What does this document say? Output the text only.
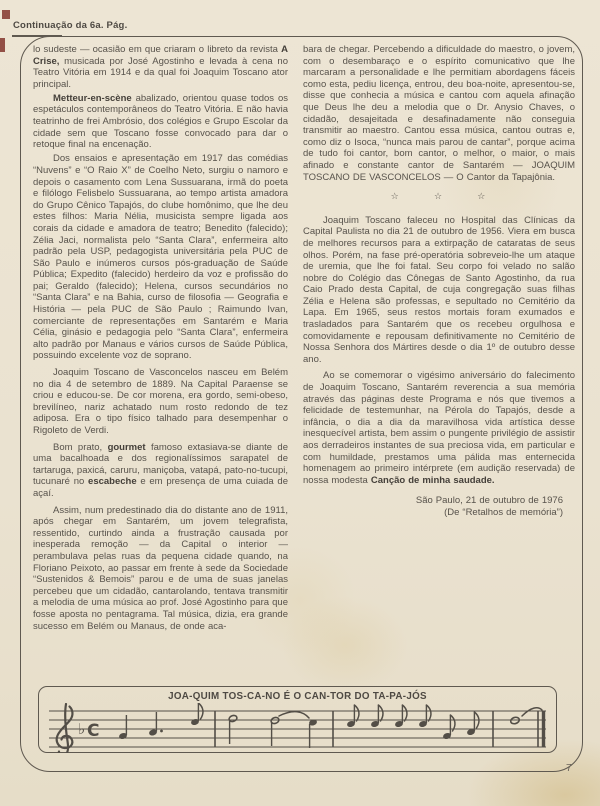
Continuação da 6a. Pág.

lo sudeste — ocasião em que criaram o libreto da revista A Crise, musicada por José Agostinho e levada à cena no Teatro Vitória em 1914 e da qual foi Joaquim Toscano ator principal.

Metteur-en-scène abalizado, orientou quase todos os espetáculos contemporâneos do Teatro Vitória. E não havia teatrinho de frei Ambrósio, dos colégios e Grupo Escolar da cidade sem que Toscano fosse convocado para dar o retoque final na encenação.

Dos ensaios e apresentação em 1917 das comédias “Nuvens” e “O Raio X” de Coelho Neto, surgiu o namoro e depois o casamento com Lena Sussuarana, irmã do poeta e filólogo Felisbelo Sussuarana, ao tempo artista amadora do Grupo Cênico Tapajós, do clube homônimo, que lhe deu estes filhos: Maria Nélia, musicista sempre ligada aos corais da cidade e amadora de teatro; Benedito (falecido); Zélia Jaci, normalista pelo “Santa Clara”, enfermeira alto padrão pela USP, pedagogista universitária pela PUC de São Paulo e inúmeros cursos pós-graduação de Saúde Pública; Expedito (falecido) herdeiro da voz e profissão do pai; Geraldo (falecido); Helena, cursos secundários no “Santa Clara” e na Bahia, curso de filosofia — Geografia e História — pela PUC de São Paulo ; Raimundo Ivan, comerciante de representações em Santarém e Maria Célia, ginásio e pedagogia pelo “Santa Clara”, enfermeira alto padrão por Manaus e vários cursos de Saúde Pública, possuindo excelente voz de soprano.

Joaquim Toscano de Vasconcelos nasceu em Belém no dia 4 de setembro de 1889. Na Capital Paraense se criou e educou-se. De cor morena, era gordo, semi-obeso, brevilíneo, nariz achatado num rosto redondo de tez adiposa. Era o tipo físico talhado para desempenhar o Rigoleto de Verdi.

Bom prato, gourmet famoso extasiava-se diante de uma bacalhoada e dos regionalíssimos sarapatel de tartaruga, paxicá, caruru, maniçoba, vatapá, pato-no-tucupi, tucunaré no escabeche e em presença de uma cuiada de açaí.

Assim, num predestinado dia do distante ano de 1911, após chegar em Santarém, um jovem telegrafista, ressentido, curtindo ainda a frustração causada por inesperada remoção — da Capital o interior — perambulava pelas ruas da pequena cidade quando, na Floriano Peixoto, ao passar em frente à sede da Sociedade “Sustenidos & Bemois” parou e de uma de suas janelas percebeu que um cidadão, cantarolando, tentava transmitir a melodia de uma música ao prof. José Agostinho para que fosse aposta no pentagrama. Tal música, dizia, era grande sucesso em Belém ou Manaus, de onde aca-

bara de chegar. Percebendo a dificuldade do maestro, o jovem, com o desembaraço e o espírito comunicativo que lhe marcaram a personalidade e lhe permitiam abordagens fáceis como esta, pediu licença, entrou, deu boa-noite, apresentou-se, disse que conhecia a música e cantou com aquela afinação que Deus lhe deu a melodia que o Dr. Anysio Chaves, o cidadão, desajeitada e desafinadamente não conseguia transmitir ao maestro. Cantou essa música, cantou outras e, como diz o Isoca, “nunca mais parou de cantar”, porque acima de tudo foi cantor, bom cantor, o melhor, o maior, o mais afinado e constante cantor de Santarém — JOAQUIM TOSCANO DE VASCONCELOS — O Cantor da Tapajônia.

☆ ☆ ☆

Joaquim Toscano faleceu no Hospital das Clínicas da Capital Paulista no dia 21 de outubro de 1956. Viera em busca de melhores recursos para a extirpação de cataratas de seus olhos. Porém, na fase pré-operatória sobreveio-lhe um ataque de uremia, que lhe foi fatal. Seu corpo foi velado no salão nobre do Colégio das Cônegas de Santo Agostinho, da rua Caio Prado desta Capital, de cuja congregação suas filhas Zélia e Helena são professas, e sepultado no Cemitério da Lapa. Em 1965, seus restos mortais foram exumados e trasladados para Santarém que os recebeu orgulhosa e comovidamente e repousam definitivamente no Cemitério de Nossa Senhora dos Mártires desde o dia 1º de outubro desse ano.

Ao se comemorar o vigésimo aniversário do falecimento de Joaquim Toscano, Santarém reverencia a sua memória através das páginas deste Programa e nós que tivemos a felicidade de testemunhar, na Pérola do Tapajós, desde a infância, o dia a dia da maravilhosa vida artística desse inesquecível artista, bem assim o pungente privilégio de assistir aos derradeiros instantes de sua preciosa vida, em particular e com humildade, prestamos uma pálida mas enternecida homenagem ao primeiro intérprete (em audição reservada) de nossa modesta Canção de minha saudade.

São Paulo, 21 de outubro de 1976
(De “Retalhos de memória”)
JOA-QUIM TOS-CA-NO É O CAN-TOR DO TA-PA-JÓS
♭ C
7
